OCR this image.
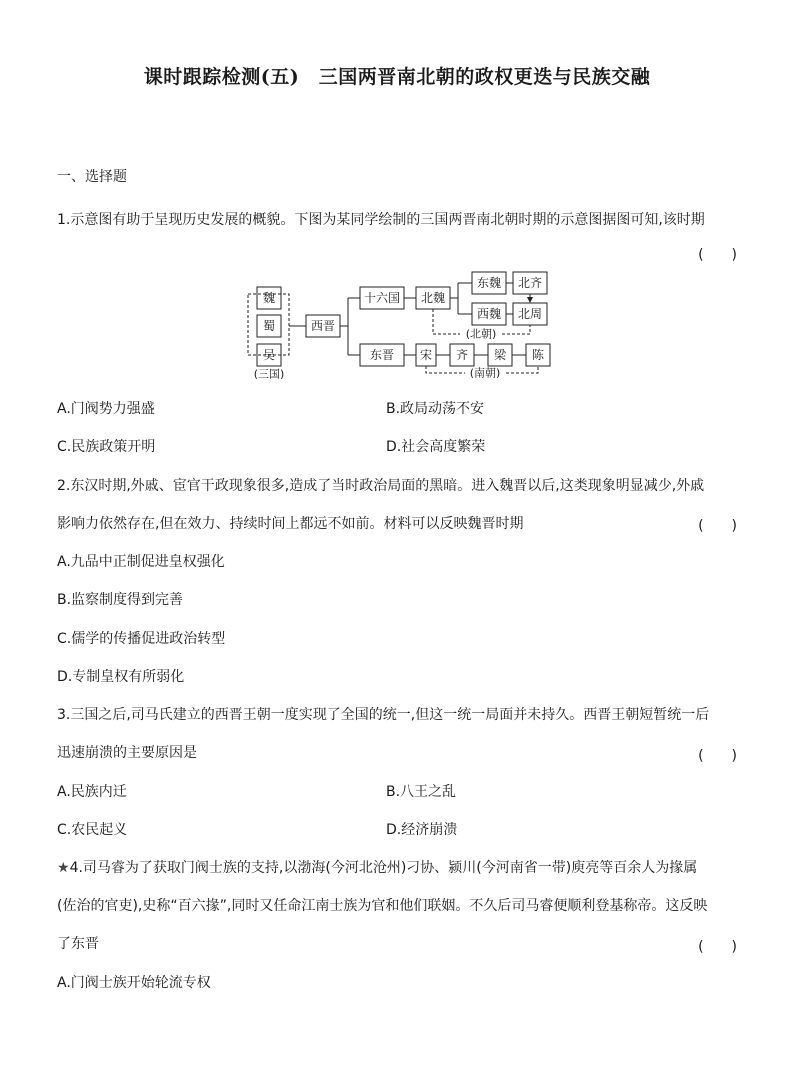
课时跟踪检测(五)　三国两晋南北朝的政权更迭与民族交融
一、选择题
1.示意图有助于呈现历史发展的概貌。下图为某同学绘制的三国两晋南北朝时期的示意图据图可知,该时期
(　　)
魏
蜀
吴
(三国)
西晋
十六国 北魏
东魏 北齐
西魏 北周
(北朝)
东晋 宋 齐 梁 陈
(南朝)
A.门阀势力强盛	B.政局动荡不安
C.民族政策开明	D.社会高度繁荣
2.东汉时期,外戚、宦官干政现象很多,造成了当时政治局面的黑暗。进入魏晋以后,这类现象明显减少,外戚
影响力依然存在,但在效力、持续时间上都远不如前。材料可以反映魏晋时期	(　　)
A.九品中正制促进皇权强化
B.监察制度得到完善
C.儒学的传播促进政治转型
D.专制皇权有所弱化
3.三国之后,司马氏建立的西晋王朝一度实现了全国的统一,但这一统一局面并未持久。西晋王朝短暂统一后
迅速崩溃的主要原因是	(　　)
A.民族内迁	B.八王之乱
C.农民起义	D.经济崩溃
★4.司马睿为了获取门阀士族的支持,以渤海(今河北沧州)刁协、颍川(今河南省一带)庾亮等百余人为掾属
(佐治的官吏),史称“百六掾”,同时又任命江南士族为官和他们联姻。不久后司马睿便顺利登基称帝。这反映
了东晋	(　　)
A.门阀士族开始轮流专权
